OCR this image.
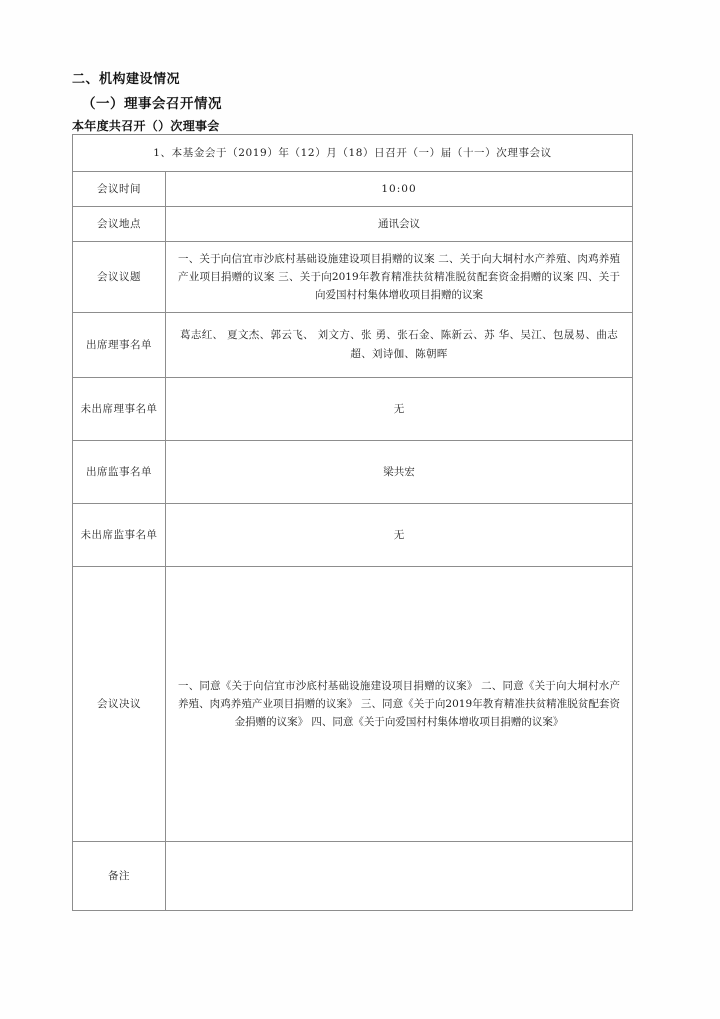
二、机构建设情况

（一）理事会召开情况

本年度共召开（）次理事会

1、本基金会于（2019）年（12）月（18）日召开（一）届（十一）次理事会议	
会议时间	10:00
会议地点	通讯会议
会议议题	一、关于向信宜市沙底村基础设施建设项目捐赠的议案 二、关于向大垌村水产养殖、肉鸡养殖产业项目捐赠的议案 三、关于向2019年教育精准扶贫精准脱贫配套资金捐赠的议案 四、关于向爱国村村集体增收项目捐赠的议案
出席理事名单	葛志红、 夏文杰、郭云飞、 刘文方、张 勇、张石金、陈新云、苏 华、吴江、包晟易、曲志超、刘诗伽、陈朝晖
未出席理事名单	无
出席监事名单	梁共宏
未出席监事名单	无
会议决议	一、同意《关于向信宜市沙底村基础设施建设项目捐赠的议案》 二、同意《关于向大垌村水产养殖、肉鸡养殖产业项目捐赠的议案》 三、同意《关于向2019年教育精准扶贫精准脱贫配套资金捐赠的议案》 四、同意《关于向爱国村村集体增收项目捐赠的议案》
备注	
